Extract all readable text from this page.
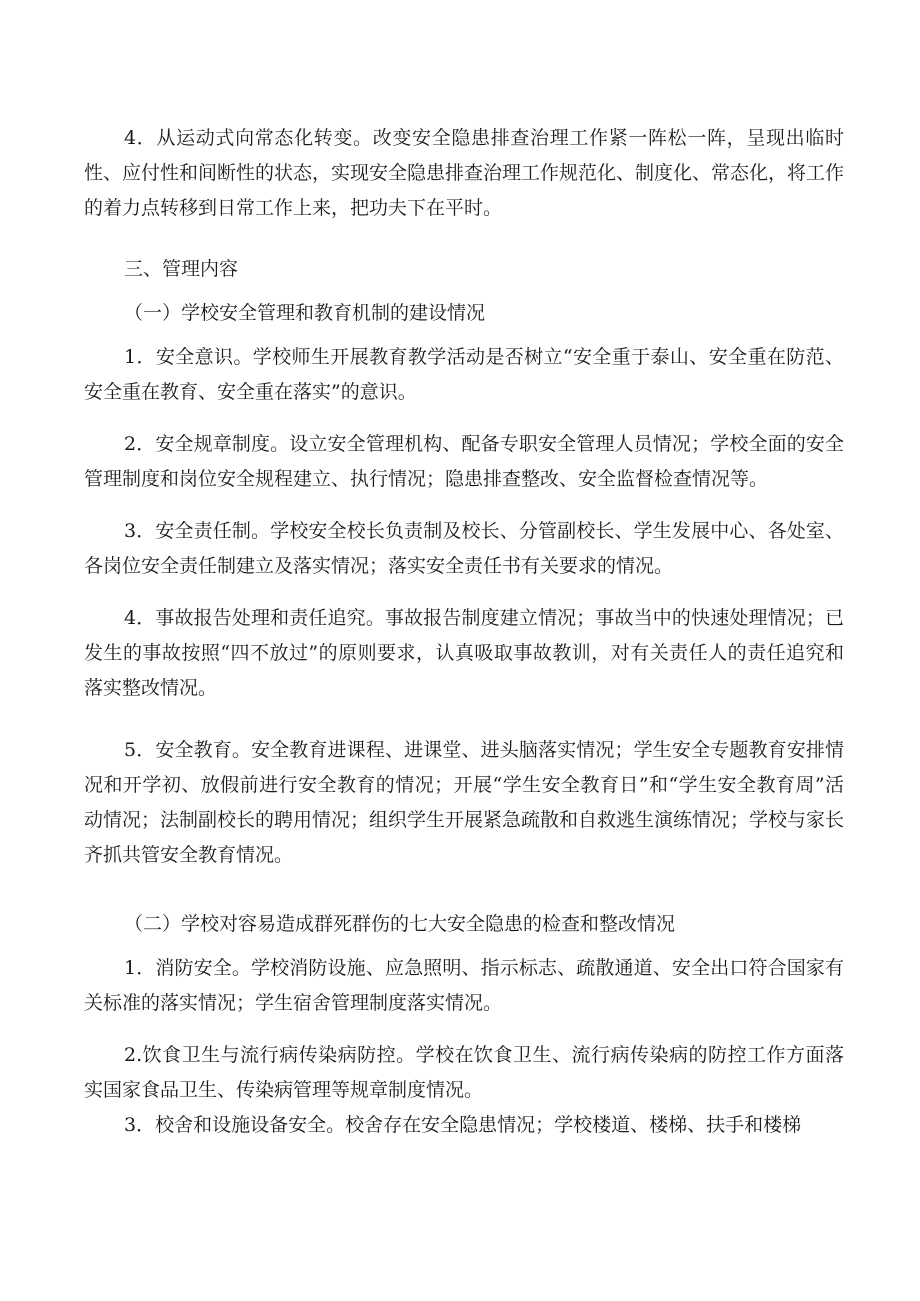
4．从运动式向常态化转变。改变安全隐患排查治理工作紧一阵松一阵，呈现出临时性、应付性和间断性的状态，实现安全隐患排查治理工作规范化、制度化、常态化，将工作的着力点转移到日常工作上来，把功夫下在平时。

三、管理内容

（一）学校安全管理和教育机制的建设情况

1．安全意识。学校师生开展教育教学活动是否树立“安全重于泰山、安全重在防范、安全重在教育、安全重在落实”的意识。

2．安全规章制度。设立安全管理机构、配备专职安全管理人员情况；学校全面的安全管理制度和岗位安全规程建立、执行情况；隐患排查整改、安全监督检查情况等。

3．安全责任制。学校安全校长负责制及校长、分管副校长、学生发展中心、各处室、各岗位安全责任制建立及落实情况；落实安全责任书有关要求的情况。

4．事故报告处理和责任追究。事故报告制度建立情况；事故当中的快速处理情况；已发生的事故按照“四不放过”的原则要求，认真吸取事故教训，对有关责任人的责任追究和落实整改情况。

5．安全教育。安全教育进课程、进课堂、进头脑落实情况；学生安全专题教育安排情况和开学初、放假前进行安全教育的情况；开展“学生安全教育日”和“学生安全教育周”活动情况；法制副校长的聘用情况；组织学生开展紧急疏散和自救逃生演练情况；学校与家长齐抓共管安全教育情况。

（二）学校对容易造成群死群伤的七大安全隐患的检查和整改情况

1．消防安全。学校消防设施、应急照明、指示标志、疏散通道、安全出口符合国家有关标准的落实情况；学生宿舍管理制度落实情况。

2.饮食卫生与流行病传染病防控。学校在饮食卫生、流行病传染病的防控工作方面落实国家食品卫生、传染病管理等规章制度情况。

3．校舍和设施设备安全。校舍存在安全隐患情况；学校楼道、楼梯、扶手和楼梯
